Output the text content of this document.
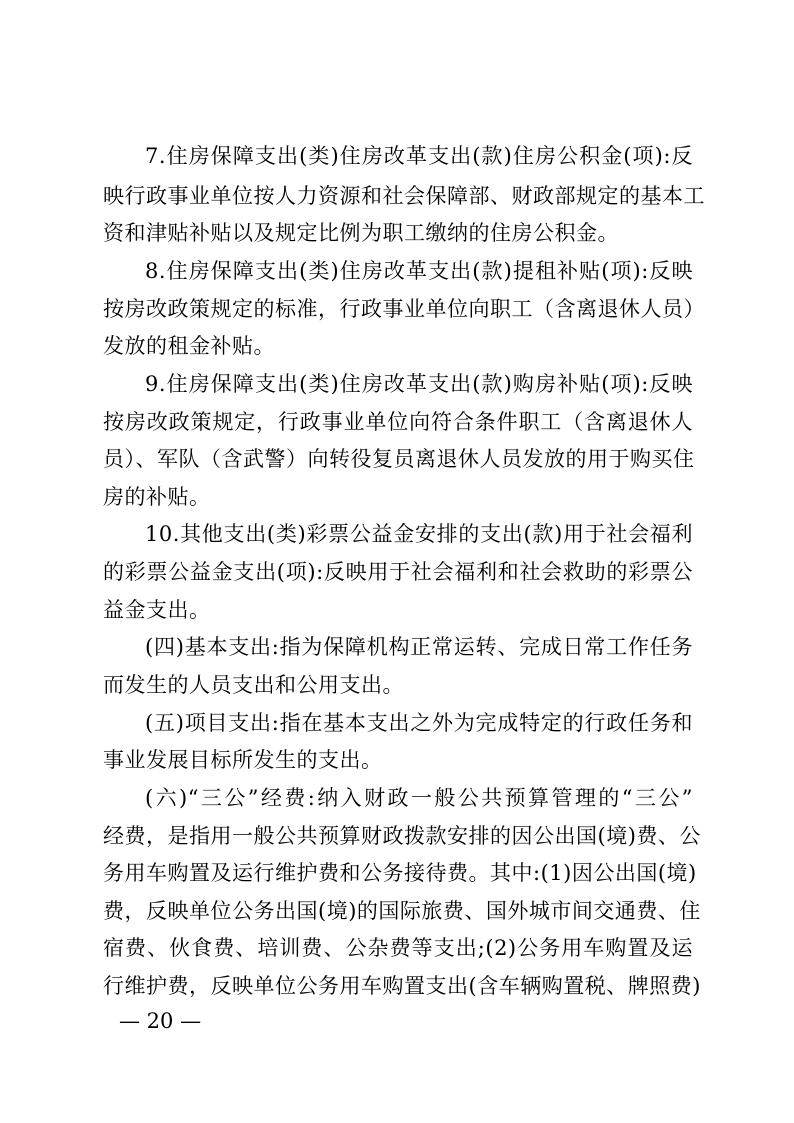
7.住房保障支出(类)住房改革支出(款)住房公积金(项):反
映行政事业单位按人力资源和社会保障部、财政部规定的基本工
资和津贴补贴以及规定比例为职工缴纳的住房公积金。
8.住房保障支出(类)住房改革支出(款)提租补贴(项):反映
按房改政策规定的标准，行政事业单位向职工（含离退休人员）
发放的租金补贴。
9.住房保障支出(类)住房改革支出(款)购房补贴(项):反映
按房改政策规定，行政事业单位向符合条件职工（含离退休人
员）、军队（含武警）向转役复员离退休人员发放的用于购买住
房的补贴。
10.其他支出(类)彩票公益金安排的支出(款)用于社会福利
的彩票公益金支出(项):反映用于社会福利和社会救助的彩票公
益金支出。
(四)基本支出:指为保障机构正常运转、完成日常工作任务
而发生的人员支出和公用支出。
(五)项目支出:指在基本支出之外为完成特定的行政任务和
事业发展目标所发生的支出。
(六)“三公”经费:纳入财政一般公共预算管理的“三公”
经费，是指用一般公共预算财政拨款安排的因公出国(境)费、公
务用车购置及运行维护费和公务接待费。其中:(1)因公出国(境)
费，反映单位公务出国(境)的国际旅费、国外城市间交通费、住
宿费、伙食费、培训费、公杂费等支出;(2)公务用车购置及运
行维护费，反映单位公务用车购置支出(含车辆购置税、牌照费)
— 20 —
